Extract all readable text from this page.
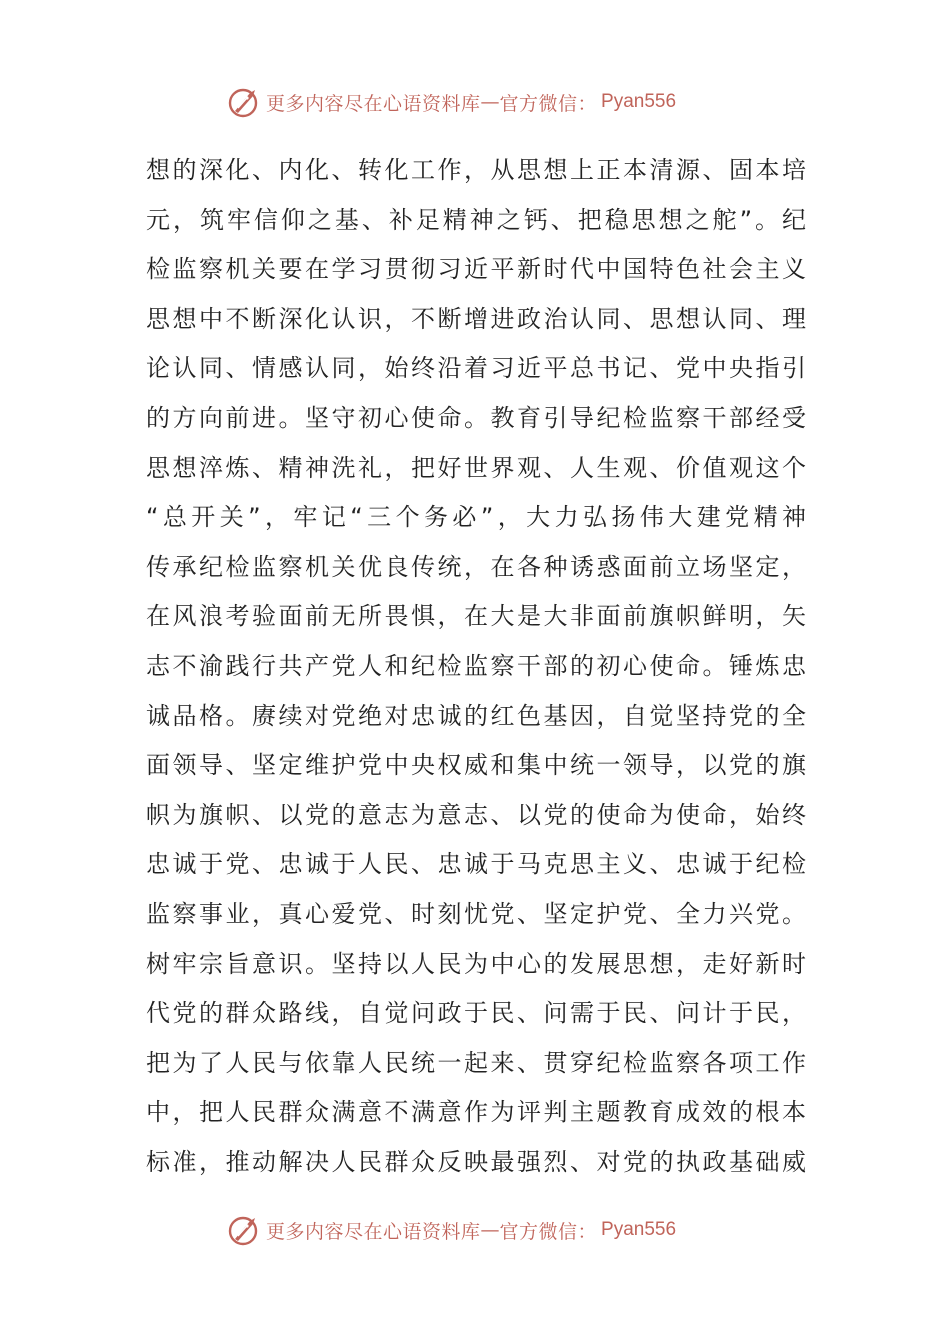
更多内容尽在心语资料库 — 官方微信： Pyan556
想的深化、内化、转化工作，从思想上正本清源、固本培
元，筑牢信仰之基、补足精神之钙、把稳思想之舵”。纪
检监察机关要在学习贯彻习近平新时代中国特色社会主义
思想中不断深化认识，不断增进政治认同、思想认同、理
论认同、情感认同，始终沿着习近平总书记、党中央指引
的方向前进。坚守初心使命。教育引导纪检监察干部经受
思想淬炼、精神洗礼，把好世界观、人生观、价值观这个
“总开关”，牢记“三个务必”，大力弘扬伟大建党精神
传承纪检监察机关优良传统，在各种诱惑面前立场坚定，
在风浪考验面前无所畏惧，在大是大非面前旗帜鲜明，矢
志不渝践行共产党人和纪检监察干部的初心使命。锤炼忠
诚品格。赓续对党绝对忠诚的红色基因，自觉坚持党的全
面领导、坚定维护党中央权威和集中统一领导，以党的旗
帜为旗帜、以党的意志为意志、以党的使命为使命，始终
忠诚于党、忠诚于人民、忠诚于马克思主义、忠诚于纪检
监察事业，真心爱党、时刻忧党、坚定护党、全力兴党。
树牢宗旨意识。坚持以人民为中心的发展思想，走好新时
代党的群众路线，自觉问政于民、问需于民、问计于民，
把为了人民与依靠人民统一起来、贯穿纪检监察各项工作
中，把人民群众满意不满意作为评判主题教育成效的根本
标准，推动解决人民群众反映最强烈、对党的执政基础威
更多内容尽在心语资料库 — 官方微信： Pyan556
